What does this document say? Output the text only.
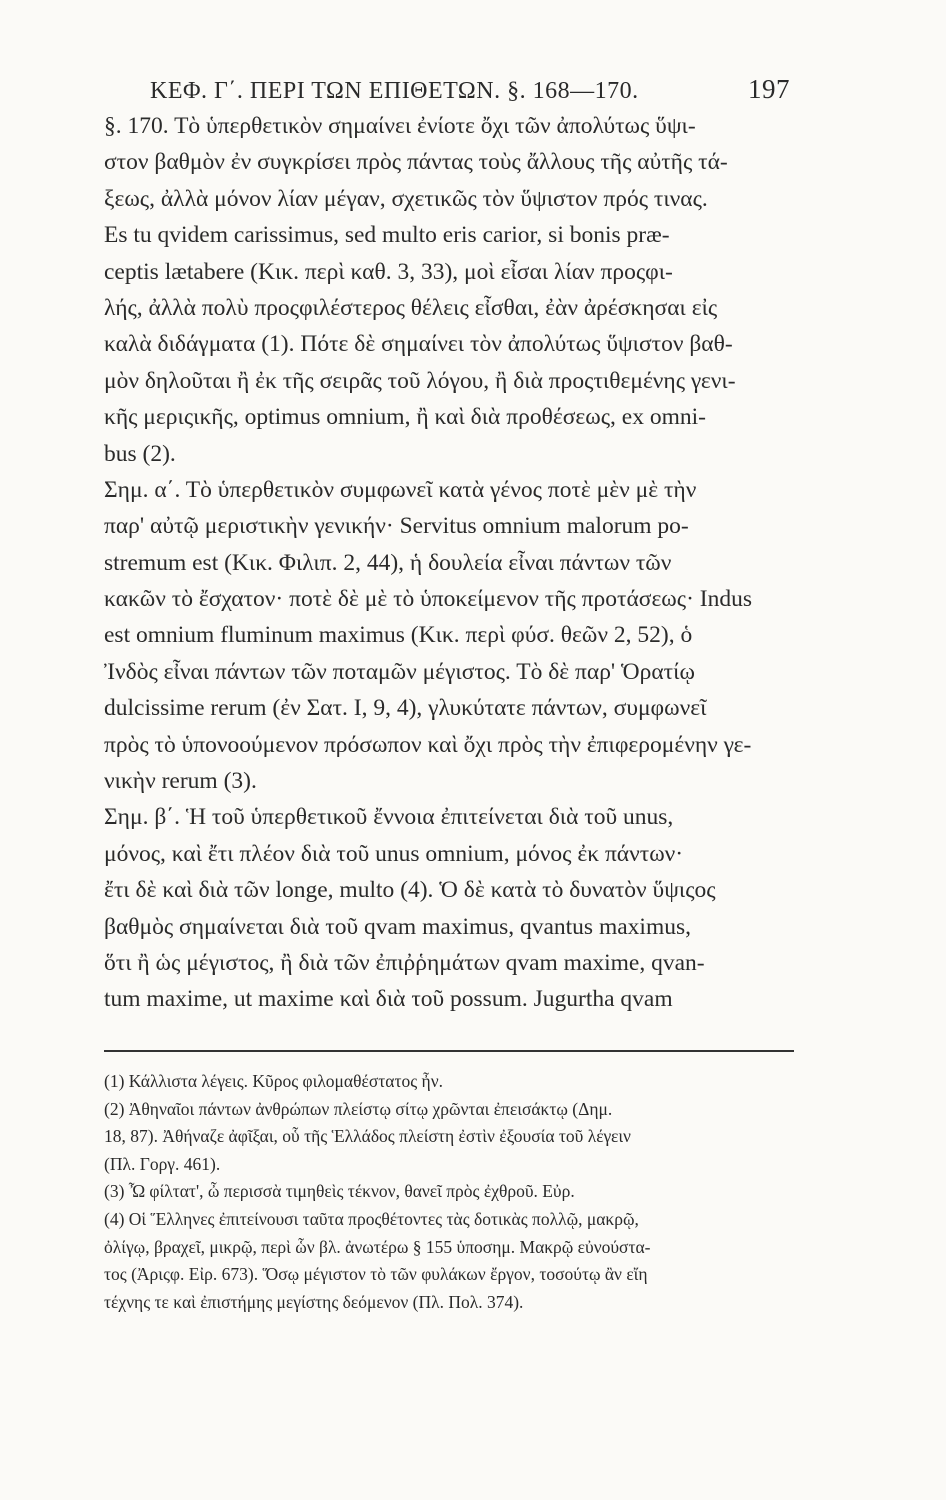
ΚΕΦ. Γ΄. ΠΕΡΙ ΤΩΝ ΕΠΙΘΕΤΩΝ. §. 168—170.	197
§. 170. Τὸ ὑπερθετικὸν σημαίνει ἐνίοτε ὄχι τῶν ἀπολύτως ὕψι-
στον βαθμὸν ἐν συγκρίσει πρὸς πάντας τοὺς ἄλλους τῆς αὐτῆς τά-
ξεως, ἀλλὰ μόνον λίαν μέγαν, σχετικῶς τὸν ὕψιστον πρός τινας.
Es tu qvidem carissimus, sed multo eris carior, si bonis præ-
ceptis lætabere (Κικ. περὶ καθ. 3, 33), μοὶ εἶσαι λίαν προςφι-
λής, ἀλλὰ πολὺ προςφιλέστερος θέλεις εἶσθαι, ἐὰν ἀρέσκησαι εἰς
καλὰ διδάγματα (1). Πότε δὲ σημαίνει τὸν ἀπολύτως ὕψιστον βαθ-
μὸν δηλοῦται ἢ ἐκ τῆς σειρᾶς τοῦ λόγου, ἢ διὰ προςτιθεμένης γενι-
κῆς μεριςικῆς, optimus omnium, ἢ καὶ διὰ προθέσεως, ex omni-
bus (2).
Σημ. α΄. Τὸ ὑπερθετικὸν συμφωνεῖ κατὰ γένος ποτὲ μὲν μὲ τὴν
παρ' αὐτῷ μεριστικὴν γενικήν· Servitus omnium malorum po-
stremum est (Κικ. Φιλιπ. 2, 44), ἡ δουλεία εἶναι πάντων τῶν
κακῶν τὸ ἔσχατον· ποτὲ δὲ μὲ τὸ ὑποκείμενον τῆς προτάσεως· Indus
est omnium fluminum maximus (Κικ. περὶ φύσ. θεῶν 2, 52), ὁ
Ἰνδὸς εἶναι πάντων τῶν ποταμῶν μέγιστος. Τὸ δὲ παρ' Ὁρατίῳ
dulcissime rerum (ἐν Σατ. I, 9, 4), γλυκύτατε πάντων, συμφωνεῖ
πρὸς τὸ ὑπονοούμενον πρόσωπον καὶ ὄχι πρὸς τὴν ἐπιφερομένην γε-
νικὴν rerum (3).
Σημ. β΄. Ἡ τοῦ ὑπερθετικοῦ ἔννοια ἐπιτείνεται διὰ τοῦ unus,
μόνος, καὶ ἔτι πλέον διὰ τοῦ unus omnium, μόνος ἐκ πάντων·
ἔτι δὲ καὶ διὰ τῶν longe, multo (4). Ὁ δὲ κατὰ τὸ δυνατὸν ὕψιςος
βαθμὸς σημαίνεται διὰ τοῦ qvam maximus, qvantus maximus,
ὅτι ἢ ὡς μέγιστος, ἢ διὰ τῶν ἐπιῤῥημάτων qvam maxime, qvan-
tum maxime, ut maxime καὶ διὰ τοῦ possum. Jugurtha qvam
(1) Κάλλιστα λέγεις. Κῦρος φιλομαθέστατος ἦν.
(2) Ἀθηναῖοι πάντων ἀνθρώπων πλείστῳ σίτῳ χρῶνται ἐπεισάκτῳ (Δημ.
18, 87). Ἀθήναζε ἀφῖξαι, οὗ τῆς Ἑλλάδος πλείστη ἐστὶν ἐξουσία τοῦ λέγειν
(Πλ. Γοργ. 461).
(3) Ὦ φίλτατ', ὦ περισσὰ τιμηθεὶς τέκνον, θανεῖ πρὸς ἐχθροῦ. Εὐρ.
(4) Οἱ Ἕλληνες ἐπιτείνουσι ταῦτα προςθέτοντες τὰς δοτικὰς πολλῷ, μακρῷ,
ὀλίγῳ, βραχεῖ, μικρῷ, περὶ ὧν βλ. ἀνωτέρω § 155 ὑποσημ. Μακρῷ εὐνούστα-
τος (Ἀριςφ. Εἰρ. 673). Ὅσῳ μέγιστον τὸ τῶν φυλάκων ἔργον, τοσούτῳ ἂν εἴη
τέχνης τε καὶ ἐπιστήμης μεγίστης δεόμενον (Πλ. Πολ. 374).
